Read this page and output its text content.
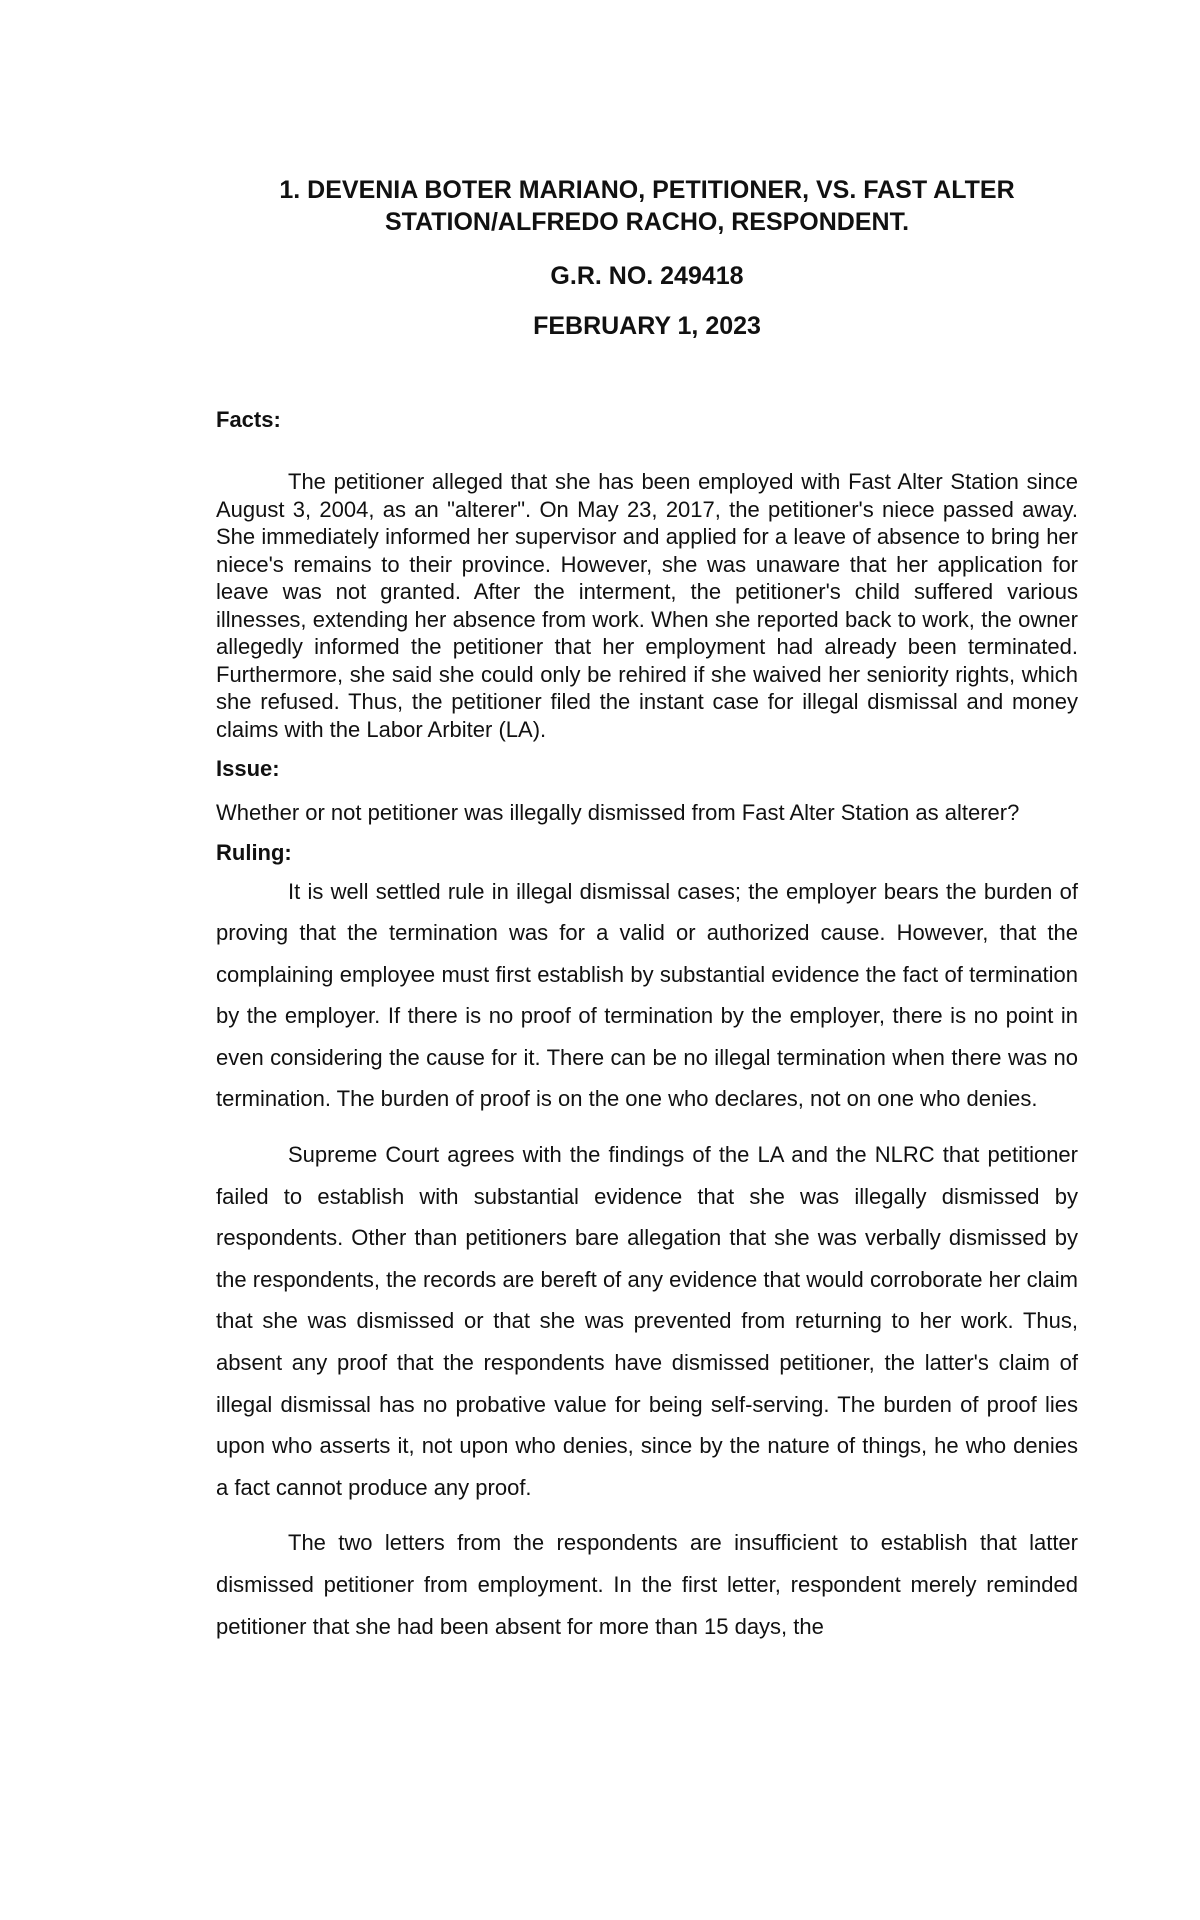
1. DEVENIA BOTER MARIANO, PETITIONER, VS. FAST ALTER STATION/ALFREDO RACHO, RESPONDENT.

G.R. NO. 249418

FEBRUARY 1, 2023

Facts:

The petitioner alleged that she has been employed with Fast Alter Station since August 3, 2004, as an "alterer". On May 23, 2017, the petitioner's niece passed away. She immediately informed her supervisor and applied for a leave of absence to bring her niece's remains to their province. However, she was unaware that her application for leave was not granted. After the interment, the petitioner's child suffered various illnesses, extending her absence from work. When she reported back to work, the owner allegedly informed the petitioner that her employment had already been terminated. Furthermore, she said she could only be rehired if she waived her seniority rights, which she refused. Thus, the petitioner filed the instant case for illegal dismissal and money claims with the Labor Arbiter (LA).

Issue:

Whether or not petitioner was illegally dismissed from Fast Alter Station as alterer?

Ruling:

It is well settled rule in illegal dismissal cases; the employer bears the burden of proving that the termination was for a valid or authorized cause. However, that the complaining employee must first establish by substantial evidence the fact of termination by the employer. If there is no proof of termination by the employer, there is no point in even considering the cause for it. There can be no illegal termination when there was no termination. The burden of proof is on the one who declares, not on one who denies.

Supreme Court agrees with the findings of the LA and the NLRC that petitioner failed to establish with substantial evidence that she was illegally dismissed by respondents. Other than petitioners bare allegation that she was verbally dismissed by the respondents, the records are bereft of any evidence that would corroborate her claim that she was dismissed or that she was prevented from returning to her work. Thus, absent any proof that the respondents have dismissed petitioner, the latter's claim of illegal dismissal has no probative value for being self-serving. The burden of proof lies upon who asserts it, not upon who denies, since by the nature of things, he who denies a fact cannot produce any proof.

The two letters from the respondents are insufficient to establish that latter dismissed petitioner from employment. In the first letter, respondent merely reminded petitioner that she had been absent for more than 15 days, the
